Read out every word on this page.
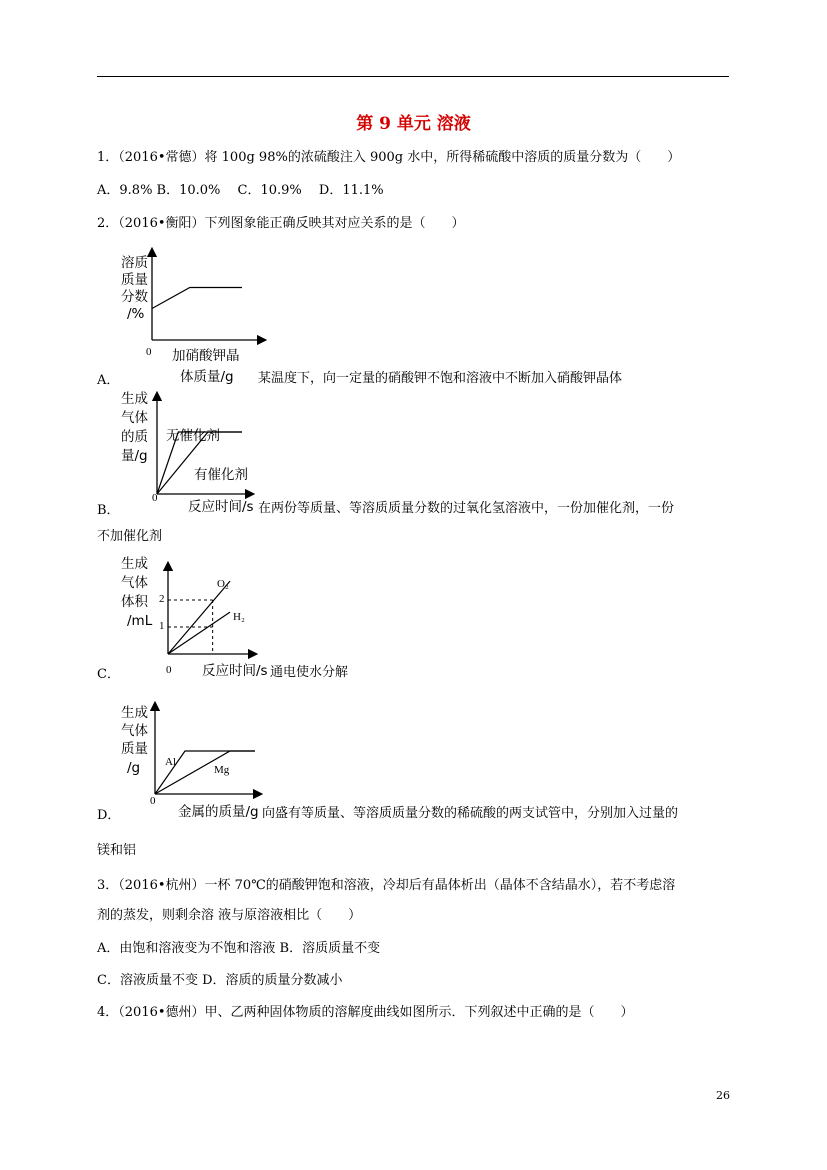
第 9 单元 溶液
1．（2016•常德）将 100g 98%的浓硫酸注入 900g 水中，所得稀硫酸中溶质的质量分数为（　　）
A．9.8% B．10.0%　 C．10.9%　 D．11.1%
2．（2016•衡阳）下列图象能正确反映其对应关系的是（　　）
溶质
质量
分数
/%
0 加硝酸钾晶
体质量/g
A．	某温度下，向一定量的硝酸钾不饱和溶液中不断加入硝酸钾晶体
生成
气体
的质
量/g
无催化剂
有催化剂
0
反应时间/s
B．	在两份等质量、等溶质质量分数的过氧化氢溶液中，一份加催化剂，一份
不加催化剂
生成
气体
体积
/mL
2
1
O₂
H₂
0 反应时间/s
C．	通电使水分解
生成
气体
质量
/g Al
Mg
0
金属的质量/g
D．	向盛有等质量、等溶质质量分数的稀硫酸的两支试管中，分别加入过量的
镁和铝
3．（2016•杭州）一杯 70℃的硝酸钾饱和溶液，冷却后有晶体析出（晶体不含结晶水），若不考虑溶
剂的蒸发，则剩余溶 液与原溶液相比（　　）
A．由饱和溶液变为不饱和溶液 B．溶质质量不变
C．溶液质量不变 D．溶质的质量分数减小
4．（2016•德州）甲、乙两种固体物质的溶解度曲线如图所示．下列叙述中正确的是（　　）
26
